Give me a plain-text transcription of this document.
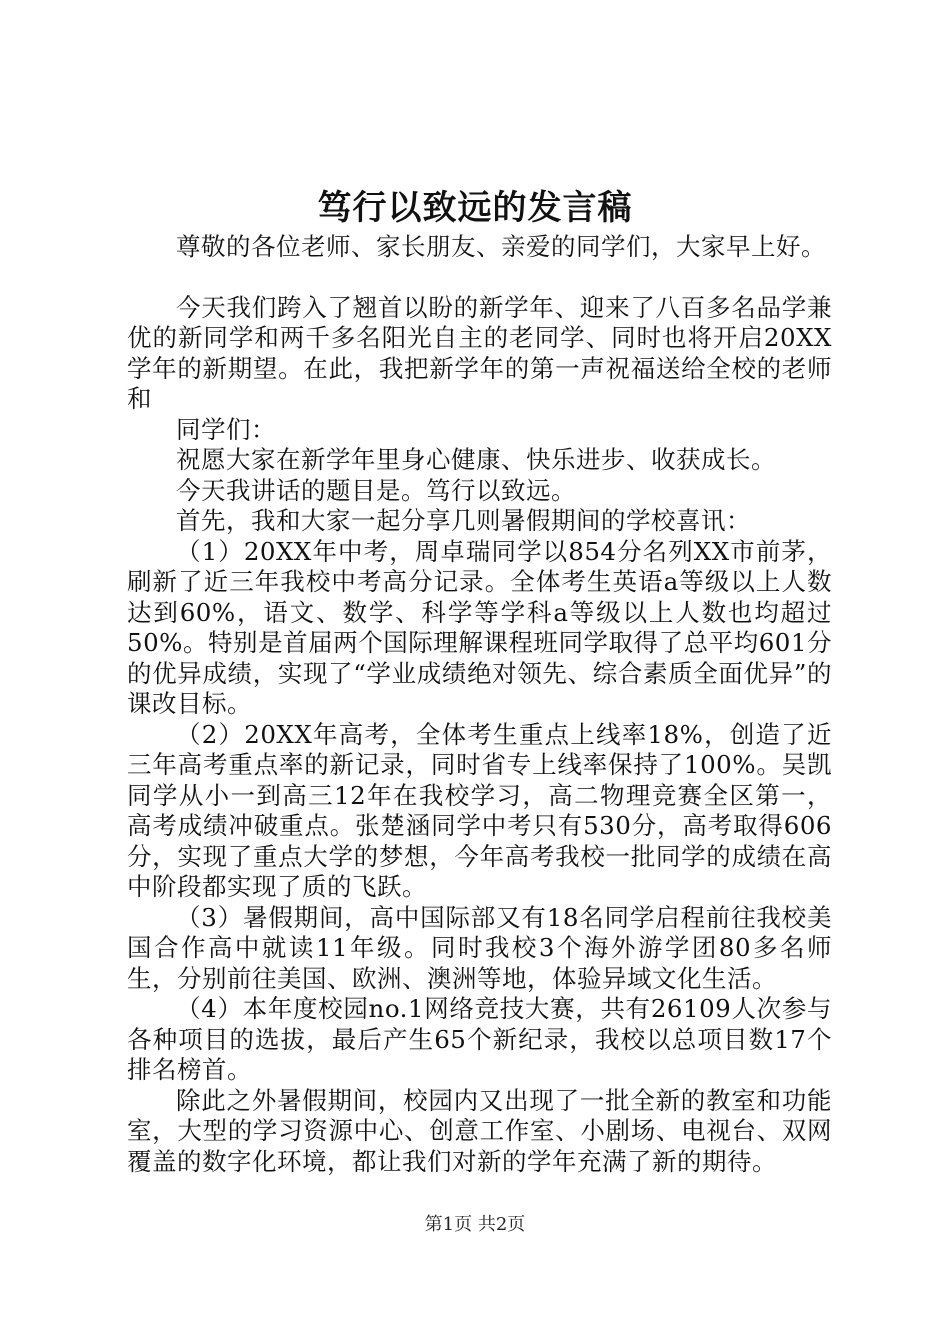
笃行以致远的发言稿

尊敬的各位老师、家长朋友、亲爱的同学们，大家早上好。

今天我们跨入了翘首以盼的新学年、迎来了八百多名品学兼优的新同学和两千多名阳光自主的老同学、同时也将开启20XX学年的新期望。在此，我把新学年的第一声祝福送给全校的老师和

同学们：

祝愿大家在新学年里身心健康、快乐进步、收获成长。

今天我讲话的题目是。笃行以致远。

首先，我和大家一起分享几则暑假期间的学校喜讯：

（1）20XX年中考，周卓瑞同学以854分名列XX市前茅，刷新了近三年我校中考高分记录。全体考生英语a等级以上人数达到60%，语文、数学、科学等学科a等级以上人数也均超过50%。特别是首届两个国际理解课程班同学取得了总平均601分的优异成绩，实现了“学业成绩绝对领先、综合素质全面优异”的课改目标。

（2）20XX年高考，全体考生重点上线率18%，创造了近三年高考重点率的新记录，同时省专上线率保持了100%。吴凯同学从小一到高三12年在我校学习，高二物理竞赛全区第一，高考成绩冲破重点。张楚涵同学中考只有530分，高考取得606分，实现了重点大学的梦想，今年高考我校一批同学的成绩在高中阶段都实现了质的飞跃。

（3）暑假期间，高中国际部又有18名同学启程前往我校美国合作高中就读11年级。同时我校3个海外游学团80多名师生，分别前往美国、欧洲、澳洲等地，体验异域文化生活。

（4）本年度校园no.1网络竞技大赛，共有26109人次参与各种项目的选拔，最后产生65个新纪录，我校以总项目数17个排名榜首。

除此之外暑假期间，校园内又出现了一批全新的教室和功能室，大型的学习资源中心、创意工作室、小剧场、电视台、双网覆盖的数字化环境，都让我们对新的学年充满了新的期待。

第1页 共2页
